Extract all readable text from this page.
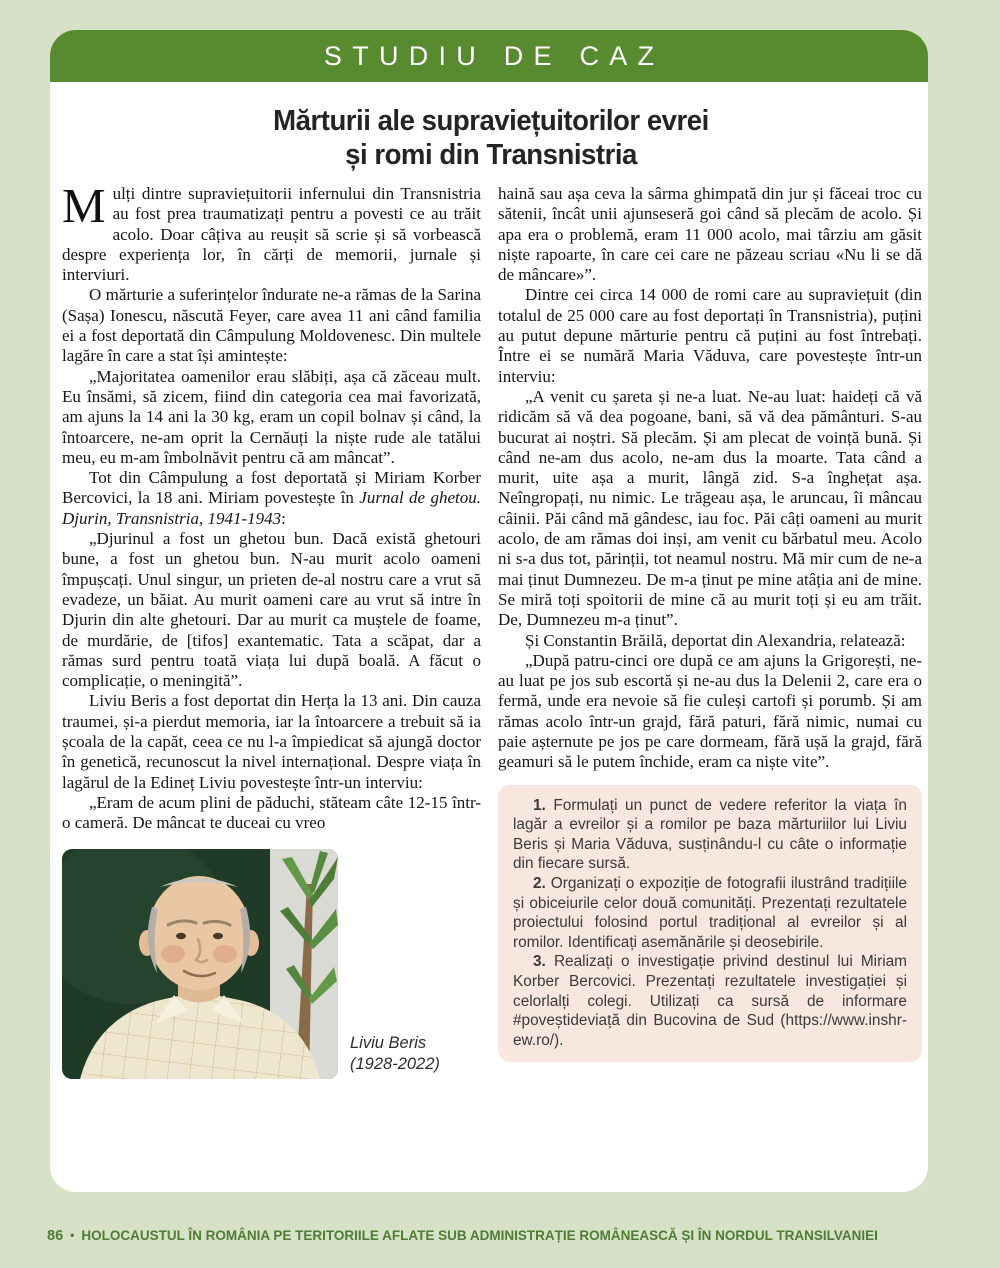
STUDIU DE CAZ
Mărturii ale supraviețuitorilor evrei
și romi din Transnistria

Mulți dintre supraviețuitorii infernului din Transnistria au fost prea traumatizați pentru a povesti ce au trăit acolo. Doar câțiva au reușit să scrie și să vorbească despre experiența lor, în cărți de memorii, jurnale și interviuri.

O mărturie a suferințelor îndurate ne-a rămas de la Sarina (Sașa) Ionescu, născută Feyer, care avea 11 ani când familia ei a fost deportată din Câmpulung Moldovenesc. Din multele lagăre în care a stat își amintește:

„Majoritatea oamenilor erau slăbiți, așa că zăceau mult. Eu însămi, să zicem, fiind din categoria cea mai favorizată, am ajuns la 14 ani la 30 kg, eram un copil bolnav și când, la întoarcere, ne-am oprit la Cernăuți la niște rude ale tatălui meu, eu m-am îmbolnăvit pentru că am mâncat”.

Tot din Câmpulung a fost deportată și Miriam Korber Bercovici, la 18 ani. Miriam povestește în Jurnal de ghetou. Djurin, Transnistria, 1941-1943:

„Djurinul a fost un ghetou bun. Dacă există ghetouri bune, a fost un ghetou bun. N-au murit acolo oameni împușcați. Unul singur, un prieten de-al nostru care a vrut să evadeze, un băiat. Au murit oameni care au vrut să intre în Djurin din alte ghetouri. Dar au murit ca muștele de foame, de murdărie, de [tifos] exantematic. Tata a scăpat, dar a rămas surd pentru toată viața lui după boală. A făcut o complicație, o meningită”.

Liviu Beris a fost deportat din Herța la 13 ani. Din cauza traumei, și-a pierdut memoria, iar la întoarcere a trebuit să ia școala de la capăt, ceea ce nu l-a împiedicat să ajungă doctor în genetică, recunoscut la nivel internațional. Despre viața în lagărul de la Edineț Liviu povestește într-un interviu:

„Eram de acum plini de păduchi, stăteam câte 12-15 într-o cameră. De mâncat te duceai cu vreo

Liviu Beris
(1928-2022)

haină sau așa ceva la sârma ghimpată din jur și făceai troc cu sătenii, încât unii ajunseseră goi când să plecăm de acolo. Și apa era o problemă, eram 11 000 acolo, mai târziu am găsit niște rapoarte, în care cei care ne păzeau scriau «Nu li se dă de mâncare»”.

Dintre cei circa 14 000 de romi care au supraviețuit (din totalul de 25 000 care au fost deportați în Transnistria), puțini au putut depune mărturie pentru că puțini au fost întrebați. Între ei se numără Maria Văduva, care povestește într-un interviu:

„A venit cu șareta și ne-a luat. Ne-au luat: haideți că vă ridicăm să vă dea pogoane, bani, să vă dea pământuri. S-au bucurat ai noștri. Să plecăm. Și am plecat de voință bună. Și când ne-am dus acolo, ne-am dus la moarte. Tata când a murit, uite așa a murit, lângă zid. S-a înghețat așa. Neîngropați, nu nimic. Le trăgeau așa, le aruncau, îi mâncau câinii. Păi când mă gândesc, iau foc. Păi câți oameni au murit acolo, de am rămas doi inși, am venit cu bărbatul meu. Acolo ni s-a dus tot, părinții, tot neamul nostru. Mă mir cum de ne-a mai ținut Dumnezeu. De m-a ținut pe mine atâția ani de mine. Se miră toți spoitorii de mine că au murit toți și eu am trăit. De, Dumnezeu m-a ținut”.

Și Constantin Brăilă, deportat din Alexandria, relatează:

„După patru-cinci ore după ce am ajuns la Grigorești, ne-au luat pe jos sub escortă și ne-au dus la Delenii 2, care era o fermă, unde era nevoie să fie culeși cartofi și porumb. Și am rămas acolo într-un grajd, fără paturi, fără nimic, numai cu paie așternute pe jos pe care dormeam, fără ușă la grajd, fără geamuri să le putem închide, eram ca niște vite”.

1. Formulați un punct de vedere referitor la viața în lagăr a evreilor și a romilor pe baza mărturiilor lui Liviu Beris și Maria Văduva, susținându-l cu câte o informație din fiecare sursă.

2. Organizați o expoziție de fotografii ilustrând tradițiile și obiceiurile celor două comunități. Prezentați rezultatele proiectului folosind portul tradițional al evreilor și al romilor. Identificați asemănările și deosebirile.

3. Realizați o investigație privind destinul lui Miriam Korber Bercovici. Prezentați rezultatele investigației și celorlalți colegi. Utilizați ca sursă de informare #poveștideviață din Bucovina de Sud (https://www.inshr-ew.ro/).

86 • HOLOCAUSTUL ÎN ROMÂNIA PE TERITORIILE AFLATE SUB ADMINISTRAȚIE ROMÂNEASCĂ ȘI ÎN NORDUL TRANSILVANIEI
